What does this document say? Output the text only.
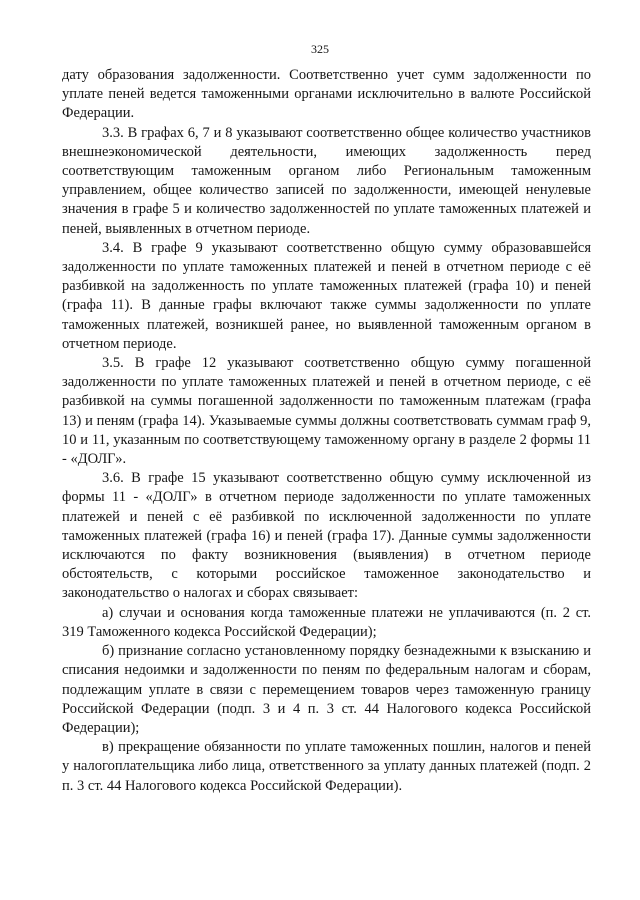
325

дату образования задолженности. Соответственно учет сумм задолженности по уплате пеней ведется таможенными органами исключительно в валюте Российской Федерации.

3.3. В графах 6, 7 и 8 указывают соответственно общее количество участников внешнеэкономической деятельности, имеющих задолженность перед соответствующим таможенным органом либо Региональным таможенным управлением, общее количество записей по задолженности, имеющей ненулевые значения в графе 5 и количество задолженностей по уплате таможенных платежей и пеней, выявленных в отчетном периоде.

3.4. В графе 9 указывают соответственно общую сумму образовавшейся задолженности по уплате таможенных платежей и пеней в отчетном периоде с её разбивкой на задолженность по уплате таможенных платежей (графа 10) и пеней (графа 11). В данные графы включают также суммы задолженности по уплате таможенных платежей, возникшей ранее, но выявленной таможенным органом в отчетном периоде.

3.5. В графе 12 указывают соответственно общую сумму погашенной задолженности по уплате таможенных платежей и пеней в отчетном периоде, с её разбивкой на суммы погашенной задолженности по таможенным платежам (графа 13) и пеням (графа 14). Указываемые суммы должны соответствовать суммам граф 9, 10 и 11, указанным по соответствующему таможенному органу в разделе 2 формы 11 - «ДОЛГ».

3.6. В графе 15 указывают соответственно общую сумму исключенной из формы 11 - «ДОЛГ» в отчетном периоде задолженности по уплате таможенных платежей и пеней с её разбивкой по исключенной задолженности по уплате таможенных платежей (графа 16) и пеней (графа 17). Данные суммы задолженности исключаются по факту возникновения (выявления) в отчетном периоде обстоятельств, с которыми российское таможенное законодательство и законодательство о налогах и сборах связывает:

а) случаи и основания когда таможенные платежи не уплачиваются (п. 2 ст. 319 Таможенного кодекса Российской Федерации);

б) признание согласно установленному порядку безнадежными к взысканию и списания недоимки и задолженности по пеням по федеральным налогам и сборам, подлежащим уплате в связи с перемещением товаров через таможенную границу Российской Федерации (подп. 3 и 4 п. 3 ст. 44 Налогового кодекса Российской Федерации);

в) прекращение обязанности по уплате таможенных пошлин, налогов и пеней у налогоплательщика либо лица, ответственного за уплату данных платежей (подп. 2 п. 3 ст. 44 Налогового кодекса Российской Федерации).
